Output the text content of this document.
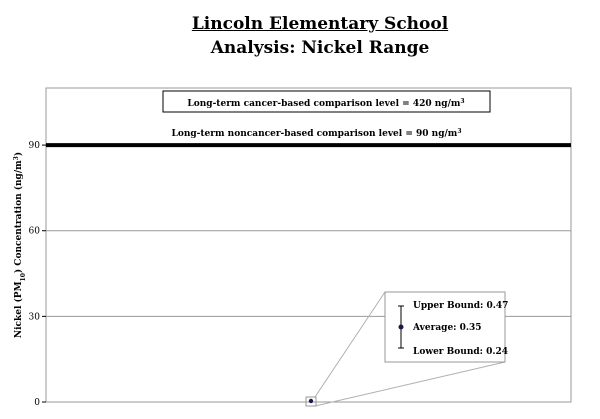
Lincoln Elementary School
Analysis: Nickel Range
0
30
60
90
Long-term noncancer-based comparison level = 90 $ng/m^3$
Long-term cancer-based comparison level = 420 $ng/m^3$
Nickel $(PM_{10})$ Concentration $(ng/m^3)$
Upper Bound: 0.47
Average: 0.35
Lower Bound: 0.24
